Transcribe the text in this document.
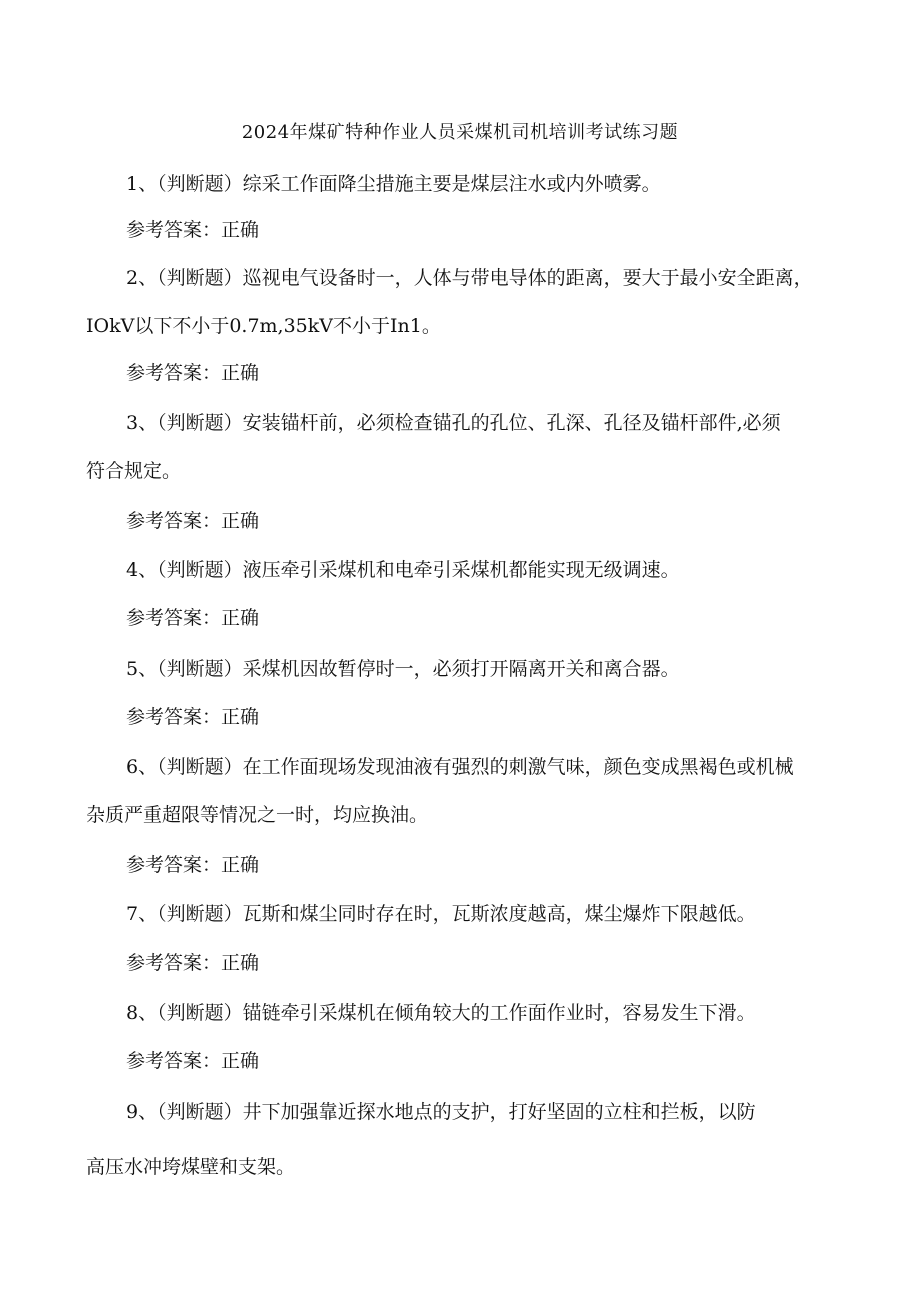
2024年煤矿特种作业人员采煤机司机培训考试练习题
1、（判断题）综采工作面降尘措施主要是煤层注水或内外喷雾。
参考答案：正确
2、（判断题）巡视电气设备时一，人体与带电导体的距离，要大于最小安全距离，
IOkV以下不小于0.7m,35kV不小于In1。
参考答案：正确
3、（判断题）安装锚杆前，必须检查锚孔的孔位、孔深、孔径及锚杆部件,必须
符合规定。
参考答案：正确
4、（判断题）液压牵引采煤机和电牵引采煤机都能实现无级调速。
参考答案：正确
5、（判断题）采煤机因故暂停时一，必须打开隔离开关和离合器。
参考答案：正确
6、（判断题）在工作面现场发现油液有强烈的刺激气味，颜色变成黑褐色或机械
杂质严重超限等情况之一时，均应换油。
参考答案：正确
7、（判断题）瓦斯和煤尘同时存在时，瓦斯浓度越高，煤尘爆炸下限越低。
参考答案：正确
8、（判断题）锚链牵引采煤机在倾角较大的工作面作业时，容易发生下滑。
参考答案：正确
9、（判断题）井下加强靠近探水地点的支护，打好坚固的立柱和拦板，以防
高压水冲垮煤壁和支架。
